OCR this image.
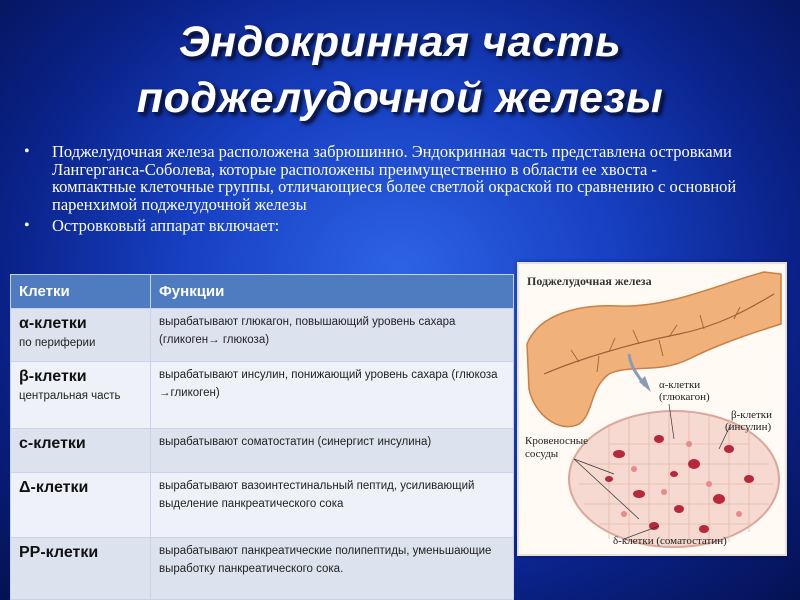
Эндокринная часть
поджелудочной железы
• Поджелудочная железа расположена забрюшинно. Эндокринная часть представлена островками Лангерганса-Соболева, которые расположены преимущественно в области ее хвоста - компактные клеточные группы, отличающиеся более светлой окраской по сравнению с основной паренхимой поджелудочной железы
• Островковый аппарат включает:
Клетки	Функции

α-клетки
по периферии	вырабатывают глюкагон, повышающий уровень сахара (гликоген→ глюкоза)

β-клетки
центральная часть	вырабатывают инсулин, понижающий уровень сахара (глюкоза →гликоген)

с-клетки	вырабатывают соматостатин (синергист инсулина)

Δ-клетки	вырабатывают вазоинтестинальный пептид, усиливающий выделение панкреатического сока

PP-клетки	вырабатывают панкреатические полипептиды, уменьшающие выработку панкреатического сока.
Поджелудочная железа
α-клетки
(глюкагон)
β-клетки
(инсулин)
Кровеносные
сосуды
δ-клетки (соматостатин)
